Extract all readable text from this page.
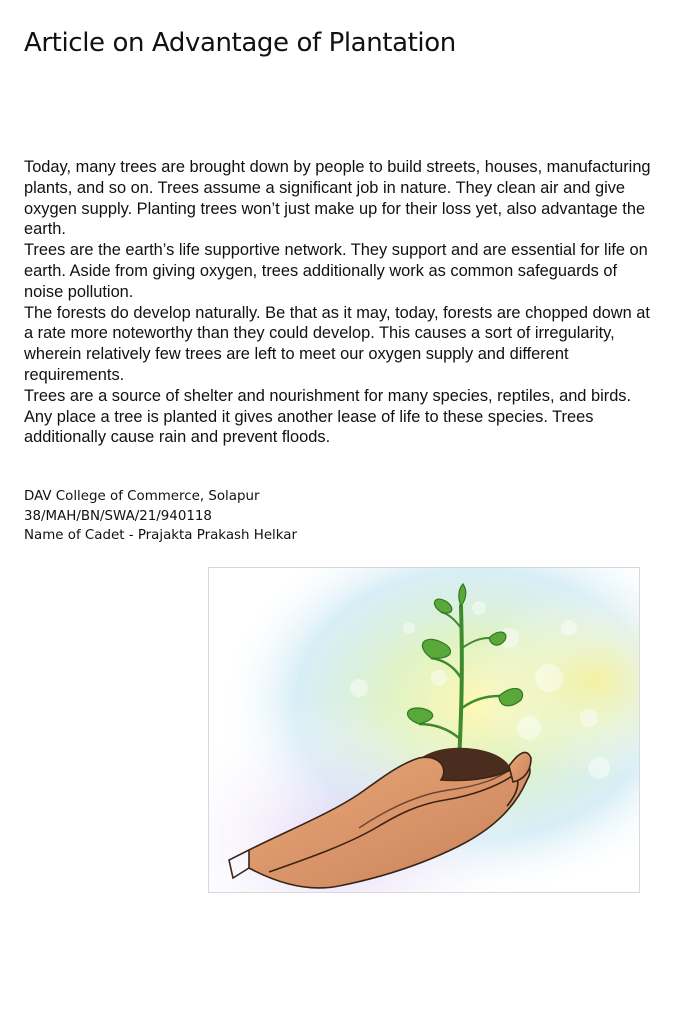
Article on Advantage of Plantation

Today, many trees are brought down by people to build streets, houses, manufacturing

plants, and so on. Trees assume a significant job in nature. They clean air and give

oxygen supply. Planting trees won’t just make up for their loss yet, also advantage the

earth.

Trees are the earth’s life supportive network. They support and are essential for life on

earth. Aside from giving oxygen, trees additionally work as common safeguards of

noise pollution.

The forests do develop naturally. Be that as it may, today, forests are chopped down at

a rate more noteworthy than they could develop. This causes a sort of irregularity,

wherein relatively few trees are left to meet our oxygen supply and different

requirements.

Trees are a source of shelter and nourishment for many species, reptiles, and birds.

Any place a tree is planted it gives another lease of life to these species. Trees

additionally cause rain and prevent floods.

DAV College of Commerce, Solapur
38/MAH/BN/SWA/21/940118
Name of Cadet - Prajakta Prakash Helkar
